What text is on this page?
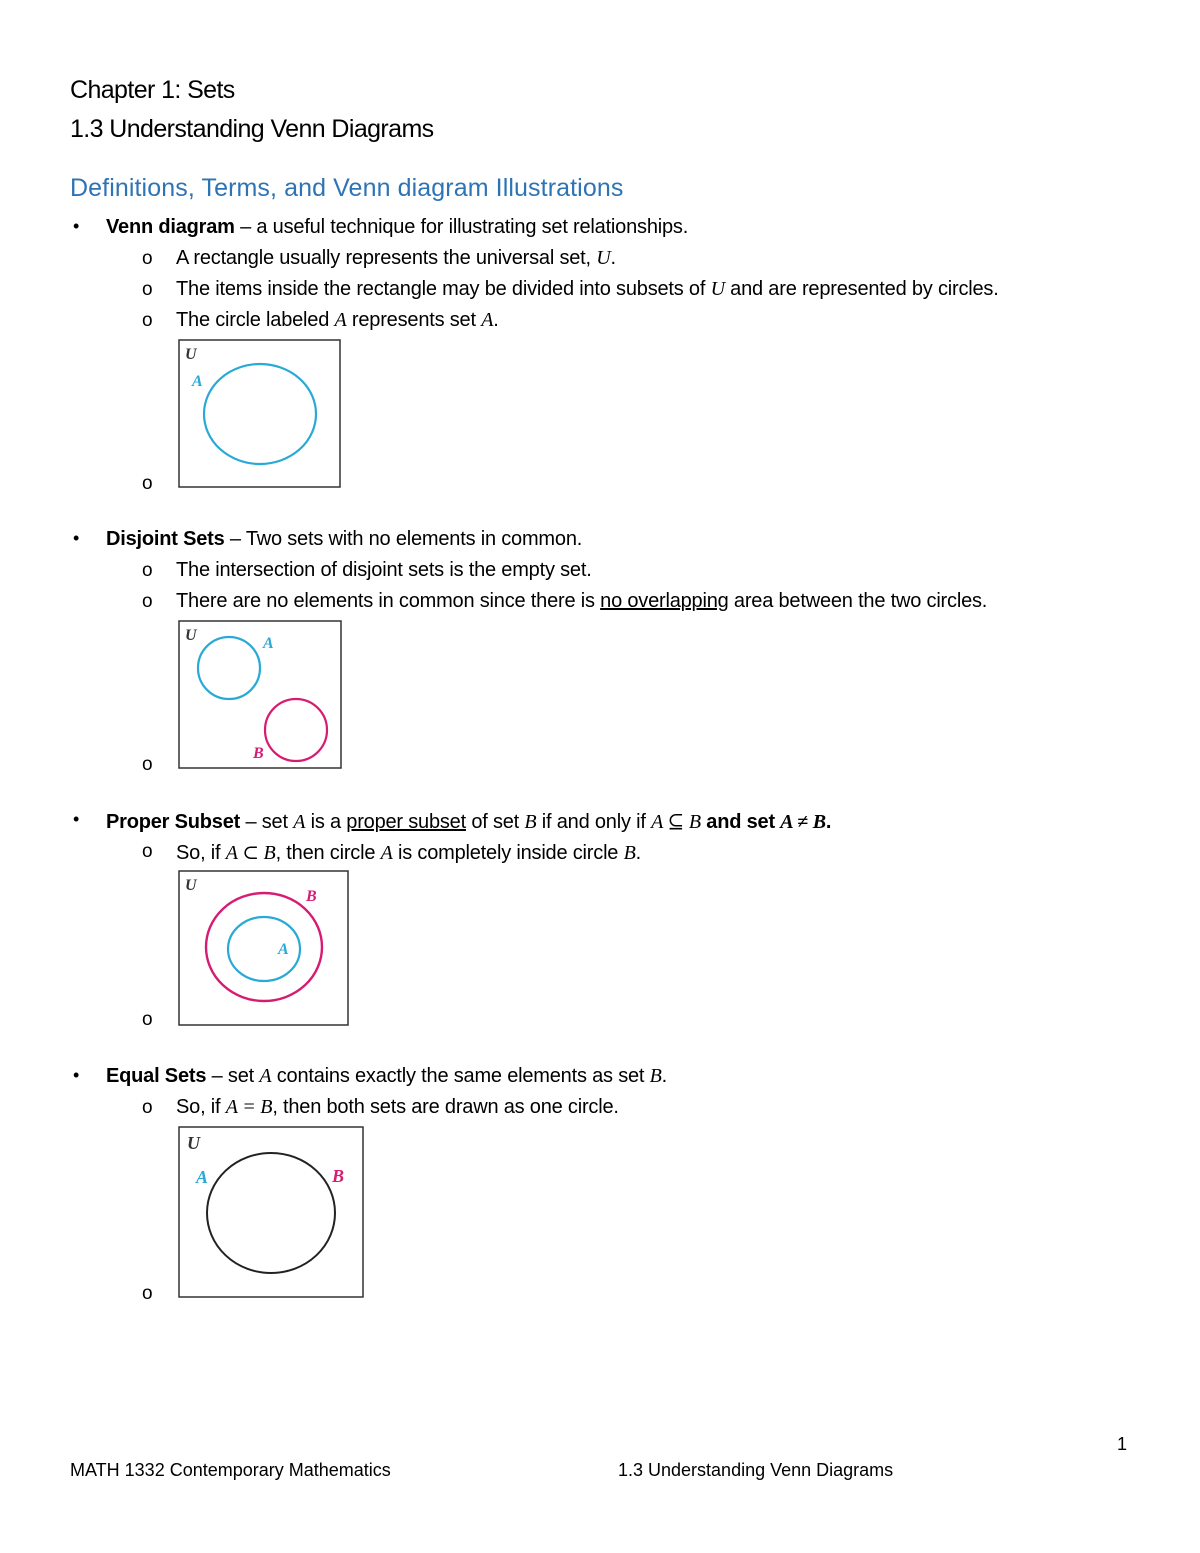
Chapter 1: Sets
1.3 Understanding Venn Diagrams
Definitions, Terms, and Venn diagram Illustrations
• Venn diagram – a useful technique for illustrating set relationships.
o A rectangle usually represents the universal set, U.
o The items inside the rectangle may be divided into subsets of U and are represented by circles.
o The circle labeled A represents set A.
o
U
A
• Disjoint Sets – Two sets with no elements in common.
o The intersection of disjoint sets is the empty set.
o There are no elements in common since there is no overlapping area between the two circles.
o
U	A
B
• Proper Subset – set A is a proper subset of set B if and only if A ⊆ B and set A ≠ B.
o So, if A ⊂ B, then circle A is completely inside circle B.
o
U
B
A
• Equal Sets – set A contains exactly the same elements as set B.
o So, if A = B, then both sets are drawn as one circle.
o
U
A	B
1
MATH 1332 Contemporary Mathematics	1.3 Understanding Venn Diagrams
